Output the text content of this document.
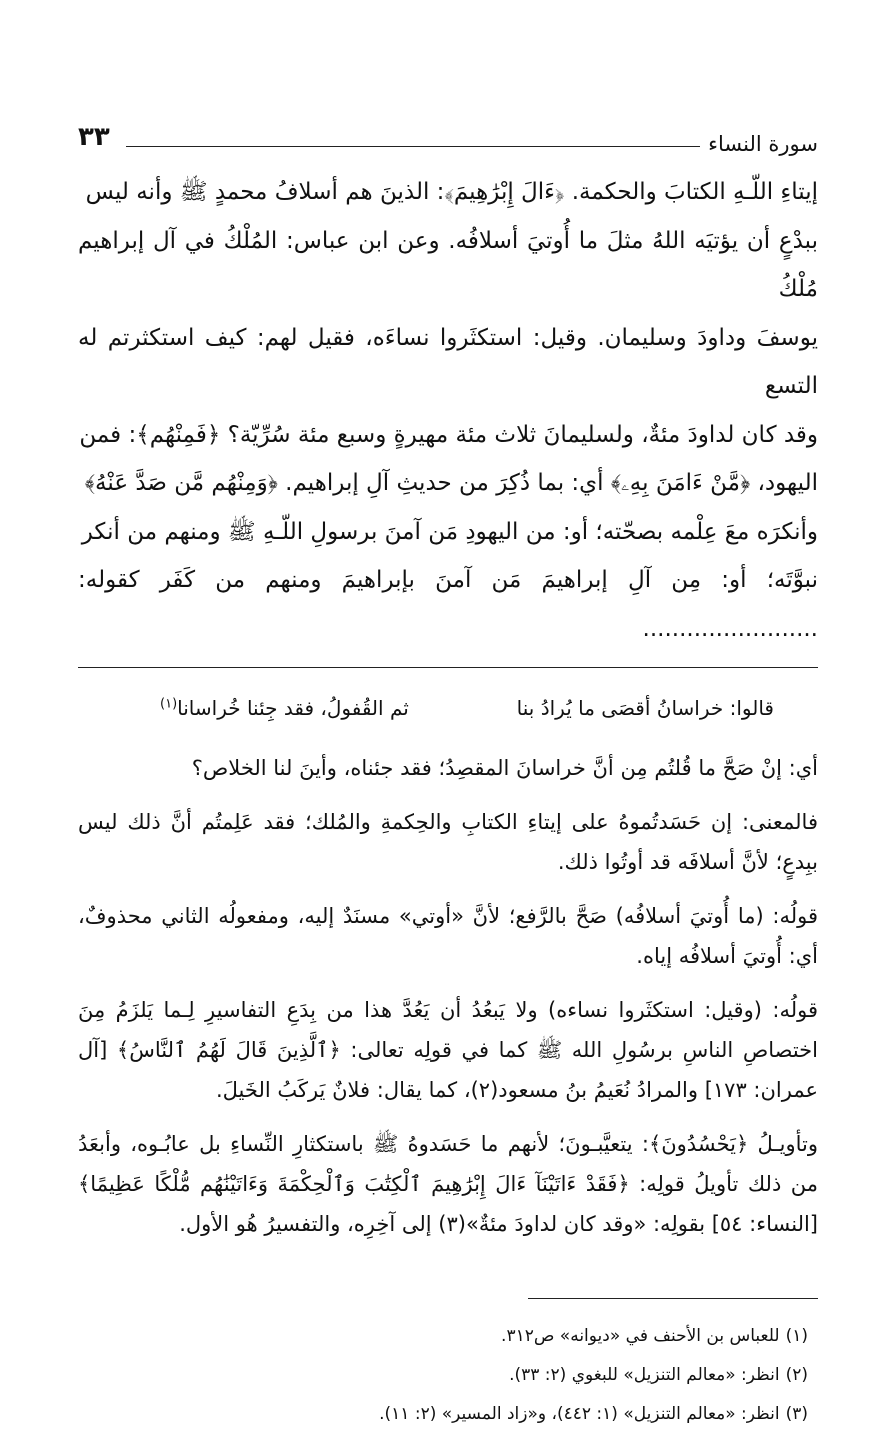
سورة النساء
٣٣

إيتاءِ اللّـهِ الكتابَ والحكمة. ﴿ءَالَ إِبْرَٰهِيمَ﴾: الذينَ هم أسلافُ محمدٍ ﷺ وأنه ليس

ببدْعٍ أن يؤتيَه اللهُ مثلَ ما أُوتيَ أسلافُه. وعن ابن عباس: المُلْكُ في آل إبراهيم مُلْكُ

يوسفَ وداودَ وسليمان. وقيل: استكثَروا نساءَه، فقيل لهم: كيف استكثرتم له التسع

وقد كان لداودَ مئةٌ، ولسليمانَ ثلاث مئة مهيرةٍ وسبع مئة سُرِّيّة؟ ﴿فَمِنْهُم﴾: فمن

اليهود، ﴿مَّنْ ءَامَنَ بِهِۦ﴾ أي: بما ذُكِرَ من حديثِ آلِ إبراهيم. ﴿وَمِنْهُم مَّن صَدَّ عَنْهُ﴾

وأنكرَه معَ عِلْمه بصحّته؛ أو: من اليهودِ مَن آمنَ برسولِ اللّـهِ ﷺ ومنهم من أنكر

نبوَّتَه؛ أو: مِن آلِ إبراهيمَ مَن آمنَ بإبراهيمَ ومنهم من كَفَر كقوله: ........................

قالوا: خراسانُ أقصَى ما يُرادُ بنا
ثم القُفولُ، فقد جِئنا خُراسانا$^{(١)}$

أي: إنْ صَحَّ ما قُلتُم مِن أنَّ خراسانَ المقصِدُ؛ فقد جئناه، وأينَ لنا الخلاص؟

فالمعنى: إن حَسَدتُموهُ على إيتاءِ الكتابِ والحِكمةِ والمُلك؛ فقد عَلِمتُم أنَّ ذلك ليس ببِدعٍ؛ لأنَّ أسلافَه قد أوتُوا ذلك.

قولُه: (ما أُوتيَ أسلافُه) صَحَّ بالرَّفع؛ لأنَّ «أوتي» مسنَدٌ إليه، ومفعولُه الثاني محذوفٌ، أي: أُوتيَ أسلافُه إياه.

قولُه: (وقيل: استكثَروا نساءه) ولا يَبعُدُ أن يَعُدَّ هذا من بِدَعِ التفاسيرِ لِـما يَلزَمُ مِنَ اختصاصِ الناسِ برسُولِ الله ﷺ كما في قولِه تعالى: ﴿ٱلَّذِينَ قَالَ لَهُمُ ٱلنَّاسُ﴾ [آل عمران: ١٧٣] والمرادُ نُعَيمُ بنُ مسعود(٢)، كما يقال: فلانٌ يَركَبُ الخَيلَ.

وتأويـلُ ﴿يَحْسُدُونَ﴾: يتعيَّبـونَ؛ لأنهم ما حَسَدوهُ ﷺ باستكثارِ النِّساءِ بل عابُـوه، وأبعَدُ من ذلك تأويلُ قولِه: ﴿فَقَدْ ءَاتَيْنَآ ءَالَ إِبْرَٰهِيمَ ٱلْكِتَٰبَ وَٱلْحِكْمَةَ وَءَاتَيْنَٰهُم مُّلْكًا عَظِيمًا﴾ [النساء: ٥٤] بقولِه: «وقد كان لداودَ مئةٌ»(٣) إلى آخِرِه، والتفسيرُ هُو الأول.

(١)للعباس بن الأحنف في «ديوانه» ص٣١٢.

(٢)انظر: «معالم التنزيل» للبغوي (٢: ٣٣).

(٣)انظر: «معالم التنزيل» (١: ٤٤٢)، و«زاد المسير» (٢: ١١).
